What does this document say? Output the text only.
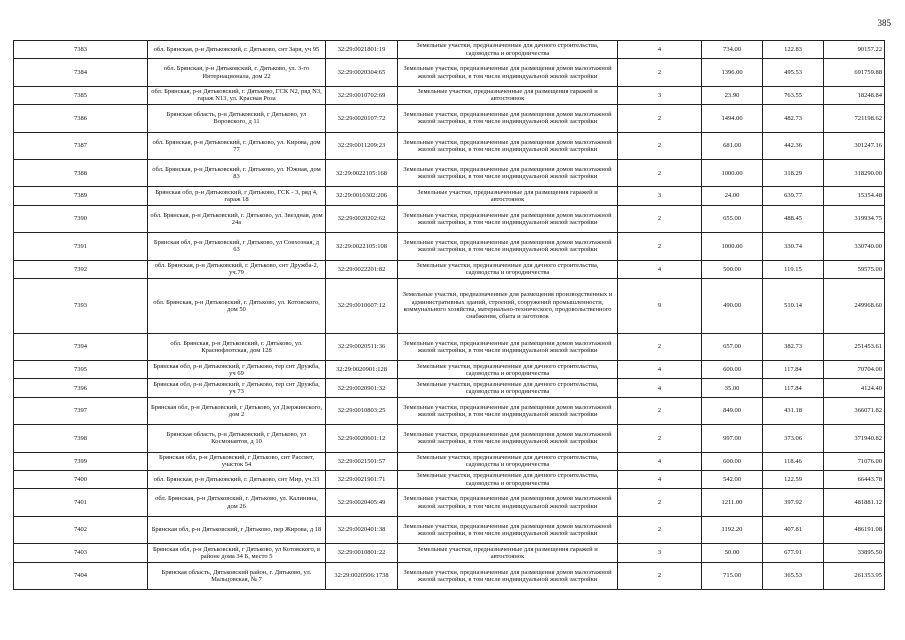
385
7383	обл. Брянская, р-н Дятьковский, г. Дятьково, снт Заря, уч 95	32:29:0021801:19	Земельные участки, предназначенные для дачного строительства, садоводства и огородничества	4	734.00	122.83	90157.22
7384	обл. Брянская, р-н Дятьковский, г. Дятьково, ул. 3-го Интернационала, дом 22	32:29:0020304:65	Земельные участки, предназначенные для размещения домов малоэтажной жилой застройки, в том числе индивидуальной жилой застройки	2	1396.00	495.53	691759.88
7385	обл. Брянская, р-н Дятьковский, г. Дятьково, ГСК N2, ряд N3, гараж N13, ул. Красная Роза	32:29:0010702:69	Земельные участки, предназначенные для размещения гаражей и автостоянок	3	23.90	763.55	18248.84
7386	Брянская область, р-н Дятьковский, г Дятьково, ул Воровского, д 11	32:29:0020107:72	Земельные участки, предназначенные для размещения домов малоэтажной жилой застройки, в том числе индивидуальной жилой застройки	2	1494.00	482.73	721198.62
7387	обл. Брянская, р-н Дятьковский, г. Дятьково, ул. Кирова, дом 77	32:29:0011209:23	Земельные участки, предназначенные для размещения домов малоэтажной жилой застройки, в том числе индивидуальной жилой застройки	2	681.00	442.36	301247.16
7388	обл. Брянская, р-н Дятьковский, г. Дятьково, ул. Южная, дом 83	32:29:0022105:168	Земельные участки, предназначенные для размещения домов малоэтажной жилой застройки, в том числе индивидуальной жилой застройки	2	1000.00	318.29	318290.00
7389	Брянская обл, р-н Дятьковский, г Дятьково, ГСК - 3, ряд 4, гараж 18	32:29:0010302:206	Земельные участки, предназначенные для размещения гаражей и автостоянок	3	24.00	639.77	15354.48
7390	обл. Брянская, р-н Дятьковский, г. Дятьково, ул. Звездная, дом 24а	32:29:0020202:62	Земельные участки, предназначенные для размещения домов малоэтажной жилой застройки, в том числе индивидуальной жилой застройки	2	655.00	488.45	319934.75
7391	Брянская обл, р-н Дятьковский, г Дятьково, ул Совхозная, д 63	32:29:0022105:108	Земельные участки, предназначенные для размещения домов малоэтажной жилой застройки, в том числе индивидуальной жилой застройки	2	1000.00	330.74	330740.00
7392	обл. Брянская, р-н Дятьковский, г. Дятьково, снт Дружба-2, уч.79	32:29:0022201:82	Земельные участки, предназначенные для дачного строительства, садоводства и огородничества	4	500.00	119.15	59575.00
7393	обл. Брянская, р-н Дятьковский, г. Дятьково, ул. Котовского, дом 50	32:29:0010607:12	Земельные участки, предназначенные для размещения производственных и административных зданий, строений, сооружений промышленности, коммунального хозяйства, материально-технического, продовольственного снабжения, сбыта и заготовок	9	490.00	510.14	249968.60
7394	обл. Брянская, р-н Дятьковский, г. Дятьково, ул. Краснофлотская, дом 128	32:29:0020511:36	Земельные участки, предназначенные для размещения домов малоэтажной жилой застройки, в том числе индивидуальной жилой застройки	2	657.00	382.73	251453.61
7395	Брянская обл, р-н Дятьковский, г Дятьково, тер снт Дружба, уч 69	32:29:0020901:128	Земельные участки, предназначенные для дачного строительства, садоводства и огородничества	4	600.00	117.84	70704.00
7396	Брянская обл, р-н Дятьковский, г Дятьково, тер снт Дружба, уч 73	32:29:0020901:32	Земельные участки, предназначенные для дачного строительства, садоводства и огородничества	4	35.00	117.84	4124.40
7397	Брянская обл, р-н Дятьковский, г Дятьково, ул Дзержинского, дом 2	32:29:0010803:25	Земельные участки, предназначенные для размещения домов малоэтажной жилой застройки, в том числе индивидуальной жилой застройки	2	849.00	431.18	366071.82
7398	Брянская область, р-н Дятьковский, г Дятьково, ул Космонавтов, д 10	32:29:0020601:12	Земельные участки, предназначенные для размещения домов малоэтажной жилой застройки, в том числе индивидуальной жилой застройки	2	997.00	373.06	371940.82
7399	Брянская обл, р-н Дятьковский, г Дятьково, снт Рассвет, участок 54	32:29:0021501:57	Земельные участки, предназначенные для дачного строительства, садоводства и огородничества	4	600.00	118.46	71076.00
7400	обл. Брянская, р-н Дятьковский, г. Дятьково, снт Мир, уч.33	32:29:0021901:71	Земельные участки, предназначенные для дачного строительства, садоводства и огородничества	4	542.00	122.59	66443.78
7401	обл. Брянская, р-н Дятьковский, г. Дятьково, ул. Калинина, дом 26	32:29:0020405:49	Земельные участки, предназначенные для размещения домов малоэтажной жилой застройки, в том числе индивидуальной жилой застройки	2	1211.00	397.92	481881.12
7402	Брянская обл, р-н Дятьковский, г Дятьково, пер Жирова, д 18	32:29:0020401:38	Земельные участки, предназначенные для размещения домов малоэтажной жилой застройки, в том числе индивидуальной жилой застройки	2	1192.20	407.81	486191.08
7403	Брянская обл, р-н Дятьковский, г Дятьково, ул Котовского, в районе дома 34 Б, место 5	32:29:0010801:22	Земельные участки, предназначенные для размещения гаражей и автостоянок	3	50.00	677.91	33895.50
7404	Брянская область, Дятьковский район, г. Дятьково, ул. Мальцовская, № 7	32:29:0020506:1738	Земельные участки, предназначенные для размещения домов малоэтажной жилой застройки, в том числе индивидуальной жилой застройки	2	715.00	365.53	261353.95
